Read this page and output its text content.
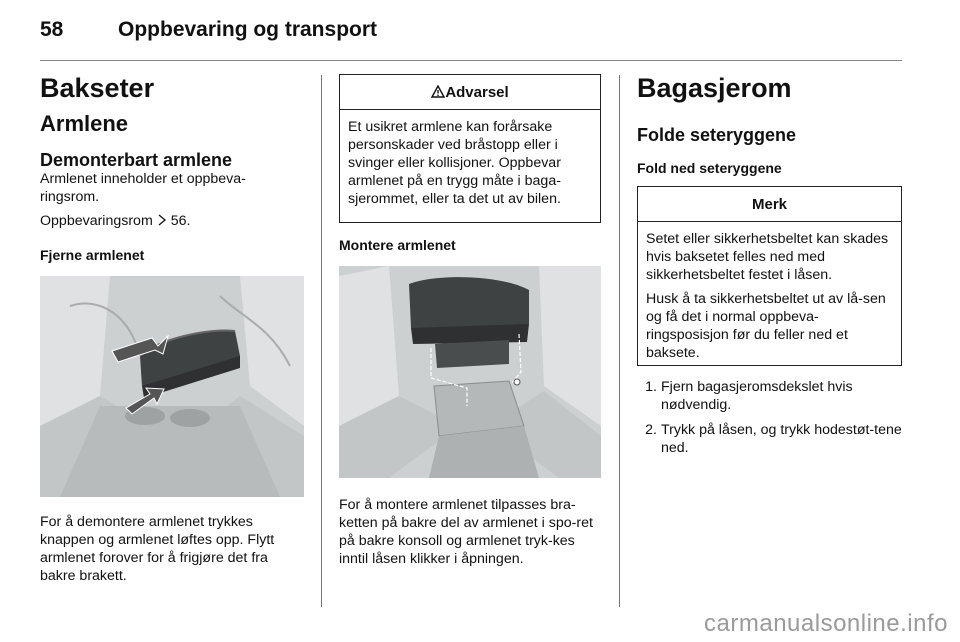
58	Oppbevaring og transport
Bakseter
Armlene
Demonterbart armlene
Armlenet inneholder et oppbeva-ringsrom.
Oppbevaringsrom 56.
Fjerne armlenet
For å demontere armlenet trykkes knappen og armlenet løftes opp. Flytt armlenet forover for å frigjøre det fra bakre brakett.
Advarsel
Et usikret armlene kan forårsake personskader ved bråstopp eller i svinger eller kollisjoner. Oppbevar armlenet på en trygg måte i baga-sjerommet, eller ta det ut av bilen.
Montere armlenet
For å montere armlenet tilpasses bra-ketten på bakre del av armlenet i spo-ret på bakre konsoll og armlenet tryk-kes inntil låsen klikker i åpningen.
Bagasjerom
Folde seteryggene
Fold ned seteryggene
Merk
Setet eller sikkerhetsbeltet kan skades hvis baksetet felles ned med sikkerhetsbeltet festet i låsen.
Husk å ta sikkerhetsbeltet ut av lå-sen og få det i normal oppbeva-ringsposisjon før du feller ned et baksete.
1. Fjern bagasjeromsdekslet hvis nødvendig.
2. Trykk på låsen, og trykk hodestøt-tene ned.
carmanualsonline.info
